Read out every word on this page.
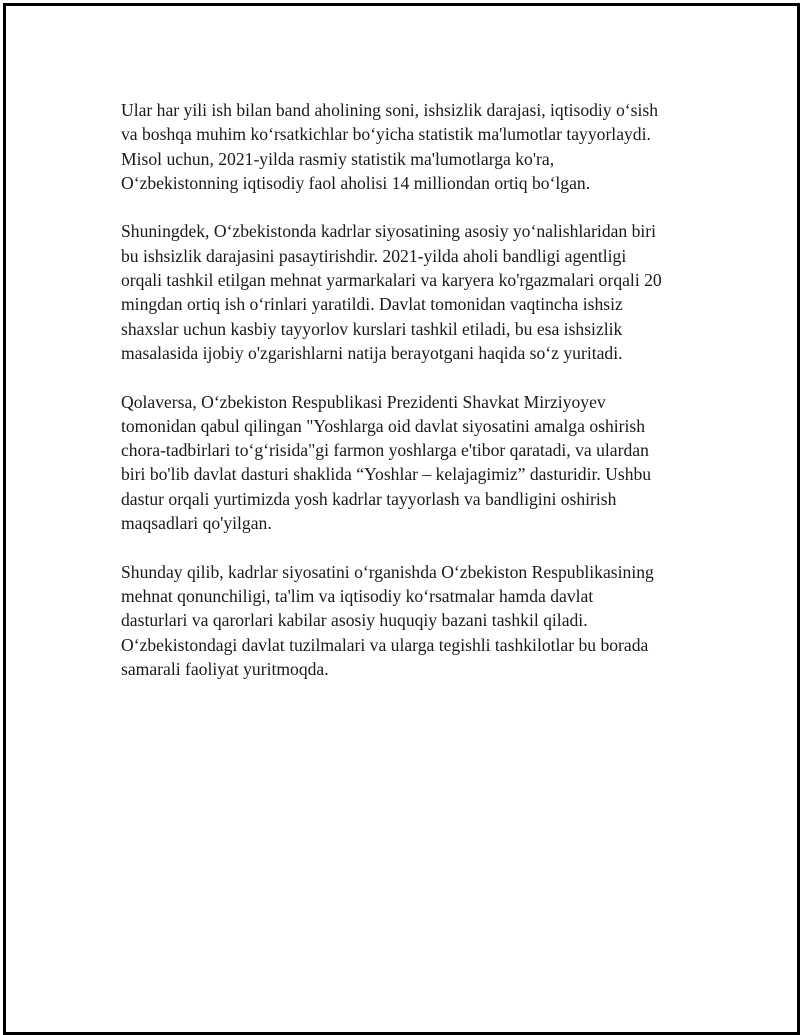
Ular har yili ish bilan band aholining soni, ishsizlik darajasi, iqtisodiy o‘sish
va boshqa muhim ko‘rsatkichlar bo‘yicha statistik ma'lumotlar tayyorlaydi.
Misol uchun, 2021-yilda rasmiy statistik ma'lumotlarga ko'ra,
O‘zbekistonning iqtisodiy faol aholisi 14 milliondan ortiq bo‘lgan.

Shuningdek, O‘zbekistonda kadrlar siyosatining asosiy yo‘nalishlaridan biri
bu ishsizlik darajasini pasaytirishdir. 2021-yilda aholi bandligi agentligi
orqali tashkil etilgan mehnat yarmarkalari va karyera ko'rgazmalari orqali 20
mingdan ortiq ish o‘rinlari yaratildi. Davlat tomonidan vaqtincha ishsiz
shaxslar uchun kasbiy tayyorlov kurslari tashkil etiladi, bu esa ishsizlik
masalasida ijobiy o'zgarishlarni natija berayotgani haqida so‘z yuritadi.

Qolaversa, O‘zbekiston Respublikasi Prezidenti Shavkat Mirziyoyev
tomonidan qabul qilingan "Yoshlarga oid davlat siyosatini amalga oshirish
chora-tadbirlari to‘g‘risida"gi farmon yoshlarga e'tibor qaratadi, va ulardan
biri bo'lib davlat dasturi shaklida “Yoshlar – kelajagimiz” dasturidir. Ushbu
dastur orqali yurtimizda yosh kadrlar tayyorlash va bandligini oshirish
maqsadlari qo'yilgan.

Shunday qilib, kadrlar siyosatini o‘rganishda O‘zbekiston Respublikasining
mehnat qonunchiligi, ta'lim va iqtisodiy ko‘rsatmalar hamda davlat
dasturlari va qarorlari kabilar asosiy huquqiy bazani tashkil qiladi.
O‘zbekistondagi davlat tuzilmalari va ularga tegishli tashkilotlar bu borada
samarali faoliyat yuritmoqda.
